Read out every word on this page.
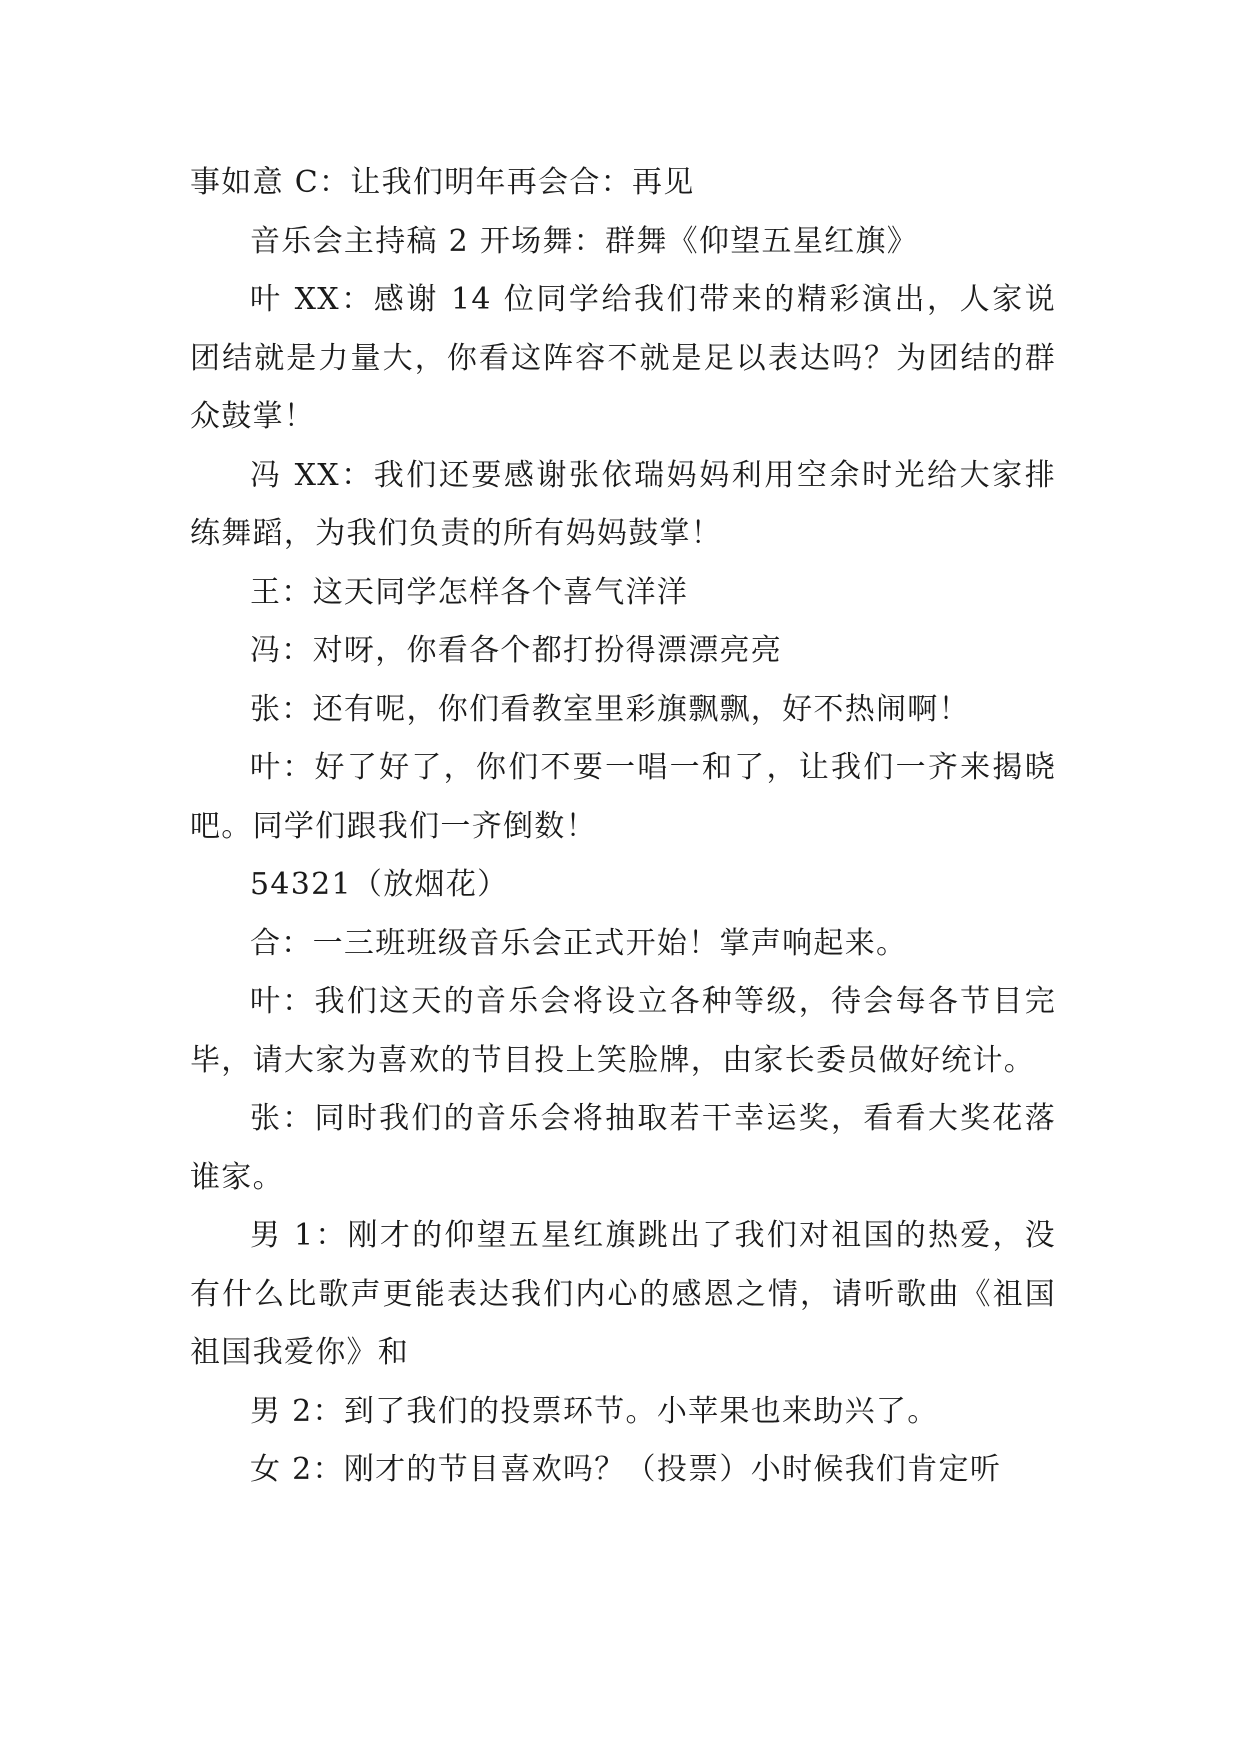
事如意 C：让我们明年再会合：再见

音乐会主持稿 2 开场舞：群舞《仰望五星红旗》

叶 XX：感谢 14 位同学给我们带来的精彩演出，人家说团结就是力量大，你看这阵容不就是足以表达吗？为团结的群众鼓掌！

冯 XX：我们还要感谢张依瑞妈妈利用空余时光给大家排练舞蹈，为我们负责的所有妈妈鼓掌！

王：这天同学怎样各个喜气洋洋

冯：对呀，你看各个都打扮得漂漂亮亮

张：还有呢，你们看教室里彩旗飘飘，好不热闹啊！

叶：好了好了，你们不要一唱一和了，让我们一齐来揭晓吧。同学们跟我们一齐倒数！

54321（放烟花）

合：一三班班级音乐会正式开始！掌声响起来。

叶：我们这天的音乐会将设立各种等级，待会每各节目完毕，请大家为喜欢的节目投上笑脸牌，由家长委员做好统计。

张：同时我们的音乐会将抽取若干幸运奖，看看大奖花落谁家。

男 1：刚才的仰望五星红旗跳出了我们对祖国的热爱，没有什么比歌声更能表达我们内心的感恩之情，请听歌曲《祖国祖国我爱你》和

男 2：到了我们的投票环节。小苹果也来助兴了。

女 2：刚才的节目喜欢吗？（投票）小时候我们肯定听
